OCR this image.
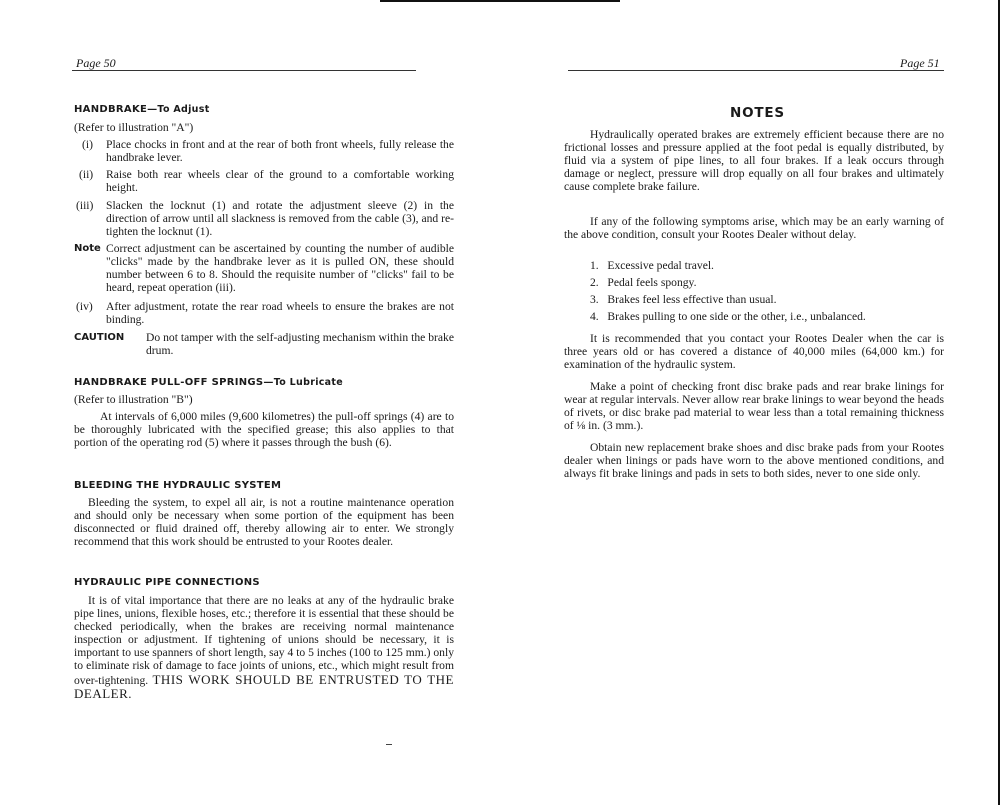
Page 50
HANDBRAKE—To Adjust
(Refer to illustration "A")
(i) Place chocks in front and at the rear of both front wheels, fully release the handbrake lever.
(ii) Raise both rear wheels clear of the ground to a comfortable working height.
(iii) Slacken the locknut (1) and rotate the adjustment sleeve (2) in the direction of arrow until all slackness is removed from the cable (3), and re-tighten the locknut (1).
Note Correct adjustment can be ascertained by counting the number of audible "clicks" made by the handbrake lever as it is pulled ON, these should number between 6 to 8. Should the requisite number of "clicks" fail to be heard, repeat operation (iii).
(iv) After adjustment, rotate the rear road wheels to ensure the brakes are not binding.
CAUTION Do not tamper with the self-adjusting mechanism within the brake drum.
HANDBRAKE PULL-OFF SPRINGS—To Lubricate
(Refer to illustration "B")
At intervals of 6,000 miles (9,600 kilometres) the pull-off springs (4) are to be thoroughly lubricated with the specified grease; this also applies to that portion of the operating rod (5) where it passes through the bush (6).
BLEEDING THE HYDRAULIC SYSTEM
Bleeding the system, to expel all air, is not a routine maintenance operation and should only be necessary when some portion of the equipment has been disconnected or fluid drained off, thereby allowing air to enter. We strongly recommend that this work should be entrusted to your Rootes dealer.
HYDRAULIC PIPE CONNECTIONS
It is of vital importance that there are no leaks at any of the hydraulic brake pipe lines, unions, flexible hoses, etc.; therefore it is essential that these should be checked periodically, when the brakes are receiving normal maintenance inspection or adjustment. If tightening of unions should be necessary, it is important to use spanners of short length, say 4 to 5 inches (100 to 125 mm.) only to eliminate risk of damage to face joints of unions, etc., which might result from over-tightening. THIS WORK SHOULD BE ENTRUSTED TO THE DEALER.
Page 51
NOTES
Hydraulically operated brakes are extremely efficient because there are no frictional losses and pressure applied at the foot pedal is equally distributed, by fluid via a system of pipe lines, to all four brakes. If a leak occurs through damage or neglect, pressure will drop equally on all four brakes and ultimately cause complete brake failure.
If any of the following symptoms arise, which may be an early warning of the above condition, consult your Rootes Dealer without delay.
1. Excessive pedal travel.
2. Pedal feels spongy.
3. Brakes feel less effective than usual.
4. Brakes pulling to one side or the other, i.e., unbalanced.
It is recommended that you contact your Rootes Dealer when the car is three years old or has covered a distance of 40,000 miles (64,000 km.) for examination of the hydraulic system.
Make a point of checking front disc brake pads and rear brake linings for wear at regular intervals. Never allow rear brake linings to wear beyond the heads of rivets, or disc brake pad material to wear less than a total remaining thickness of ⅛ in. (3 mm.).
Obtain new replacement brake shoes and disc brake pads from your Rootes dealer when linings or pads have worn to the above mentioned conditions, and always fit brake linings and pads in sets to both sides, never to one side only.
